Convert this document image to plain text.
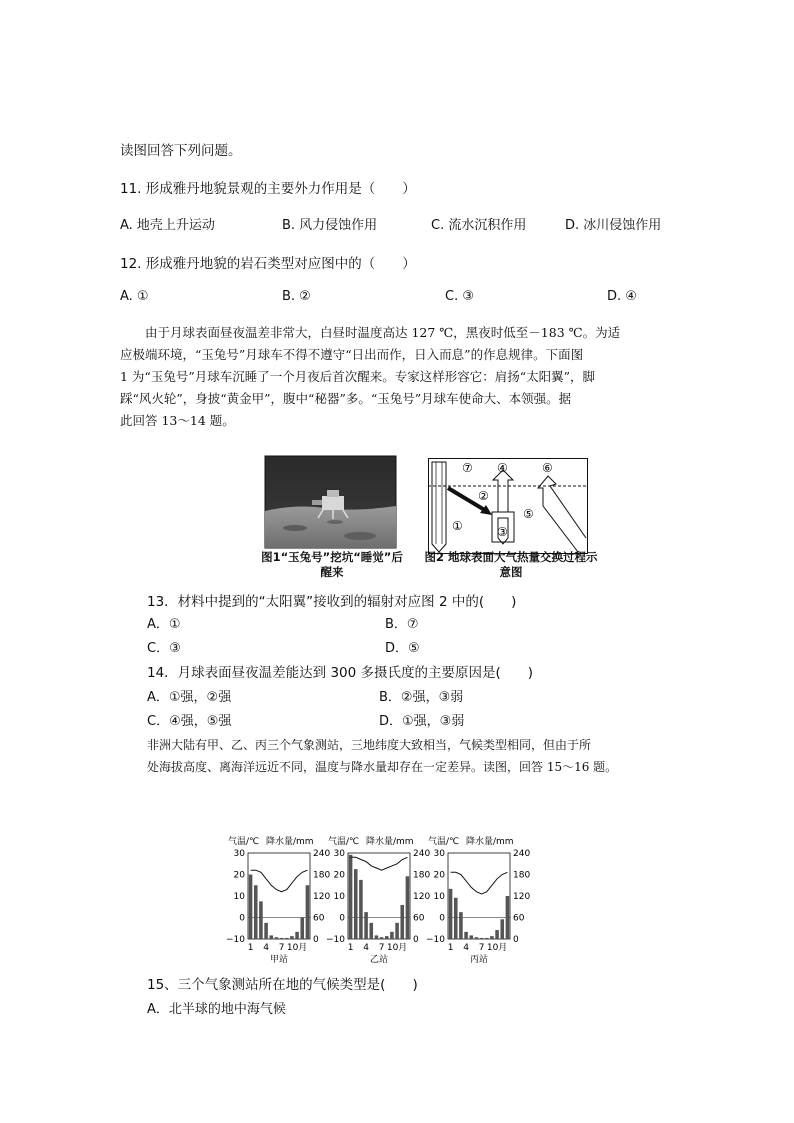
读图回答下列问题。
11. 形成雅丹地貌景观的主要外力作用是（　　）
A. 地壳上升运动	B. 风力侵蚀作用	C. 流水沉积作用	D. 冰川侵蚀作用
12. 形成雅丹地貌的岩石类型对应图中的（　　）
A. ①	B. ②	C. ③	D. ④
由于月球表面昼夜温差非常大，白昼时温度高达 127 ℃，黑夜时低至－183 ℃。为适
应极端环境，“玉兔号”月球车不得不遵守“日出而作，日入而息”的作息规律。下面图
1 为“玉兔号”月球车沉睡了一个月夜后首次醒来。专家这样形容它：肩扬“太阳翼”，脚
踩“风火轮”，身披“黄金甲”，腹中“秘器”多。“玉兔号”月球车使命大、本领强。据
此回答 13～14 题。
图1“玉兔号”挖坑“睡觉”后醒来
⑦ ④	⑥
②
⑤
①	③
图2 地球表面大气热量交换过程示意图
13．材料中提到的“太阳翼”接收到的辐射对应图 2 中的(　　)
A．①	B．⑦
C．③	D．⑤
14．月球表面昼夜温差能达到 300 多摄氏度的主要原因是(　　)
A．①强，②强	B．②强，③弱
C．④强，⑤强	D．①强，③弱
非洲大陆有甲、乙、丙三个气象测站，三地纬度大致相当，气候类型相同，但由于所
处海拔高度、离海洋远近不同，温度与降水量却存在一定差异。读图，回答 15～16 题。
气温/℃ 降水量/mm
30
20
10
0
−10
240
180
120
60
0
1 4 7 10月
甲站
气温/℃ 降水量/mm
30
20
10
0
−10
240
180
120
60
0
1 4 7 10月
乙站
气温/℃ 降水量/mm
30
20
10
0
−10
240
180
120
60
0
1 4 7 10月
丙站
15、三个气象测站所在地的气候类型是(　　)
A．北半球的地中海气候
